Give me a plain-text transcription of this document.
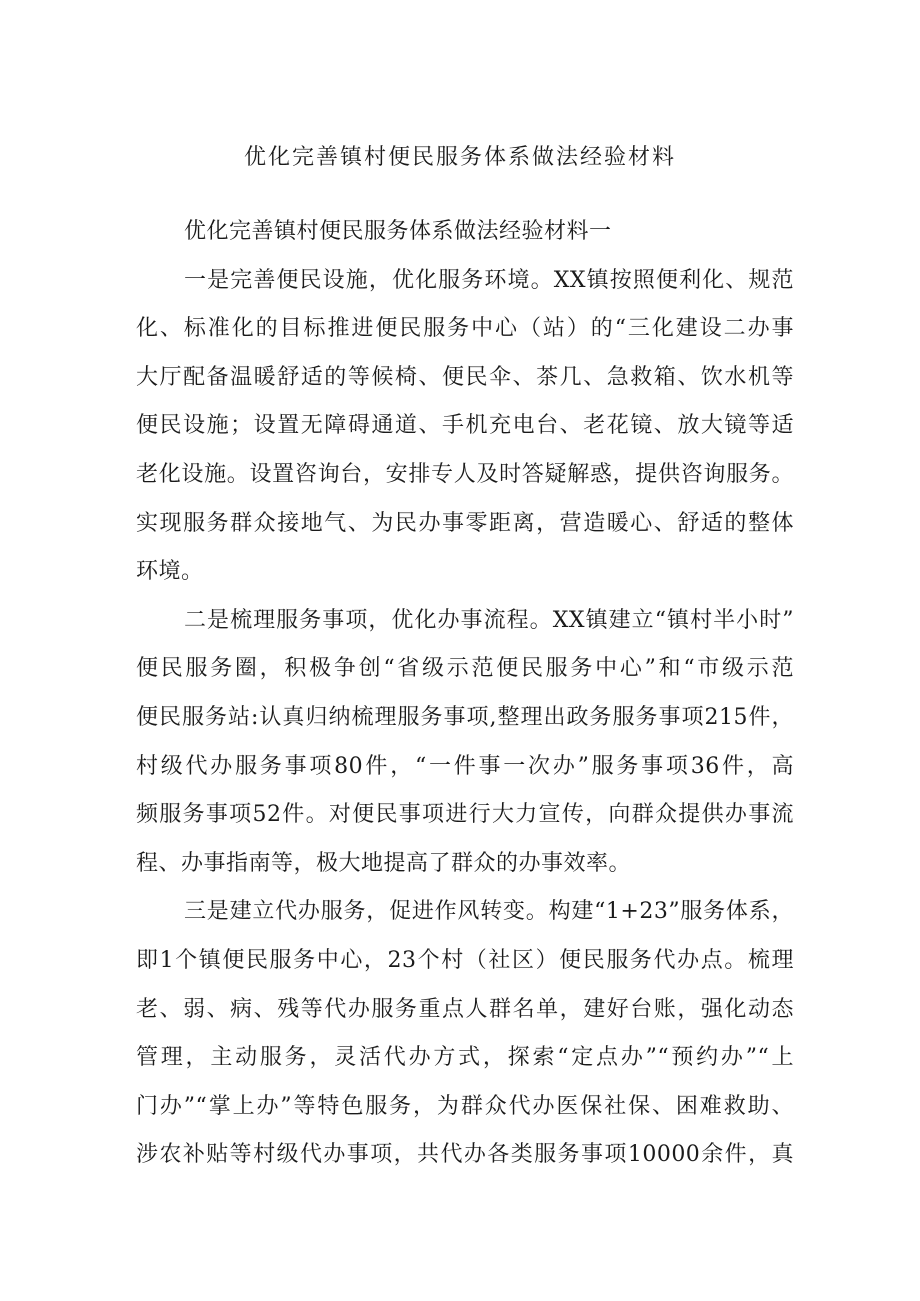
优化完善镇村便民服务体系做法经验材料
优化完善镇村便民服务体系做法经验材料一
一是完善便民设施，优化服务环境。XX镇按照便利化、规范
化、标准化的目标推进便民服务中心（站）的“三化建设二办事
大厅配备温暖舒适的等候椅、便民伞、茶几、急救箱、饮水机等
便民设施；设置无障碍通道、手机充电台、老花镜、放大镜等适
老化设施。设置咨询台，安排专人及时答疑解惑，提供咨询服务。
实现服务群众接地气、为民办事零距离，营造暖心、舒适的整体
环境。
二是梳理服务事项，优化办事流程。XX镇建立“镇村半小时”
便民服务圈，积极争创“省级示范便民服务中心”和“市级示范
便民服务站:认真归纳梳理服务事项,整理出政务服务事项215件，
村级代办服务事项80件，“一件事一次办”服务事项36件，高
频服务事项52件。对便民事项进行大力宣传，向群众提供办事流
程、办事指南等，极大地提高了群众的办事效率。
三是建立代办服务，促进作风转变。构建“1+23”服务体系，
即1个镇便民服务中心，23个村（社区）便民服务代办点。梳理
老、弱、病、残等代办服务重点人群名单，建好台账，强化动态
管理，主动服务，灵活代办方式，探索“定点办”“预约办”“上
门办”“掌上办”等特色服务，为群众代办医保社保、困难救助、
涉农补贴等村级代办事项，共代办各类服务事项10000余件，真
